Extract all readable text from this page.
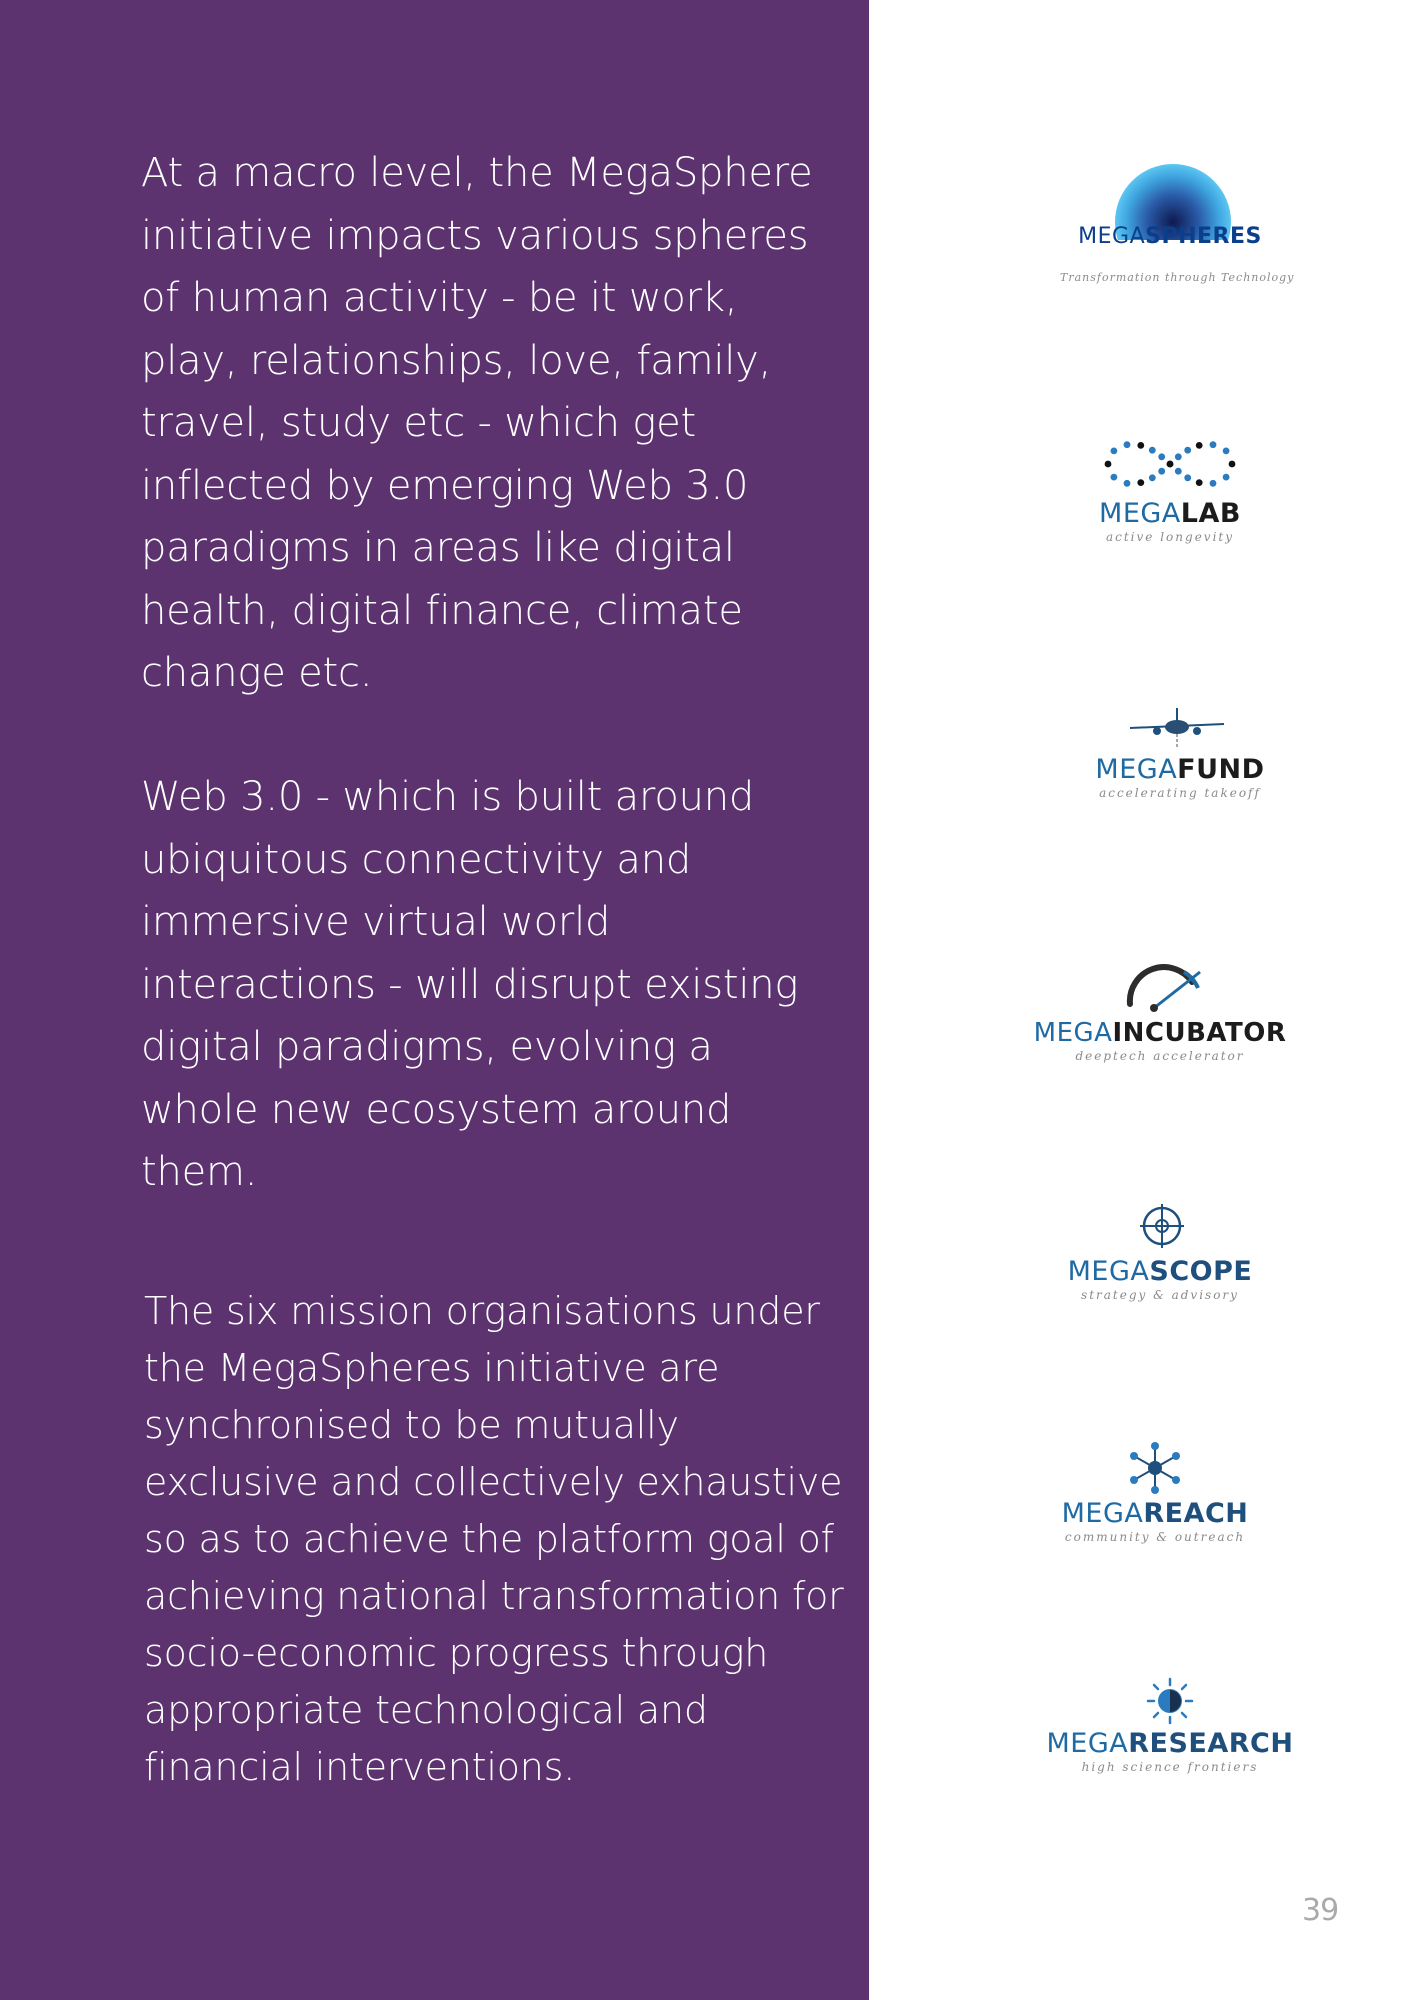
At a macro level, the MegaSphere initiative impacts various spheres of human activity - be it work, play, relationships, love, family, travel, study etc - which get inflected by emerging Web 3.0 paradigms in areas like digital health, digital finance, climate change etc.

Web 3.0 - which is built around ubiquitous connectivity and immersive virtual world interactions - will disrupt existing digital paradigms, evolving a whole new ecosystem around them.

The six mission organisations under the MegaSpheres initiative are synchronised to be mutually exclusive and collectively exhaustive so as to achieve the platform goal of achieving national transformation for socio-economic progress through appropriate technological and financial interventions.

MEGASPHERES
Transformation through Technology
MEGALAB
active longevity
MEGAFUND
accelerating takeoff
MEGAINCUBATOR
deeptech accelerator
MEGASCOPE
strategy & advisory
MEGAREACH
community & outreach
MEGARESEARCH
high science frontiers
39
